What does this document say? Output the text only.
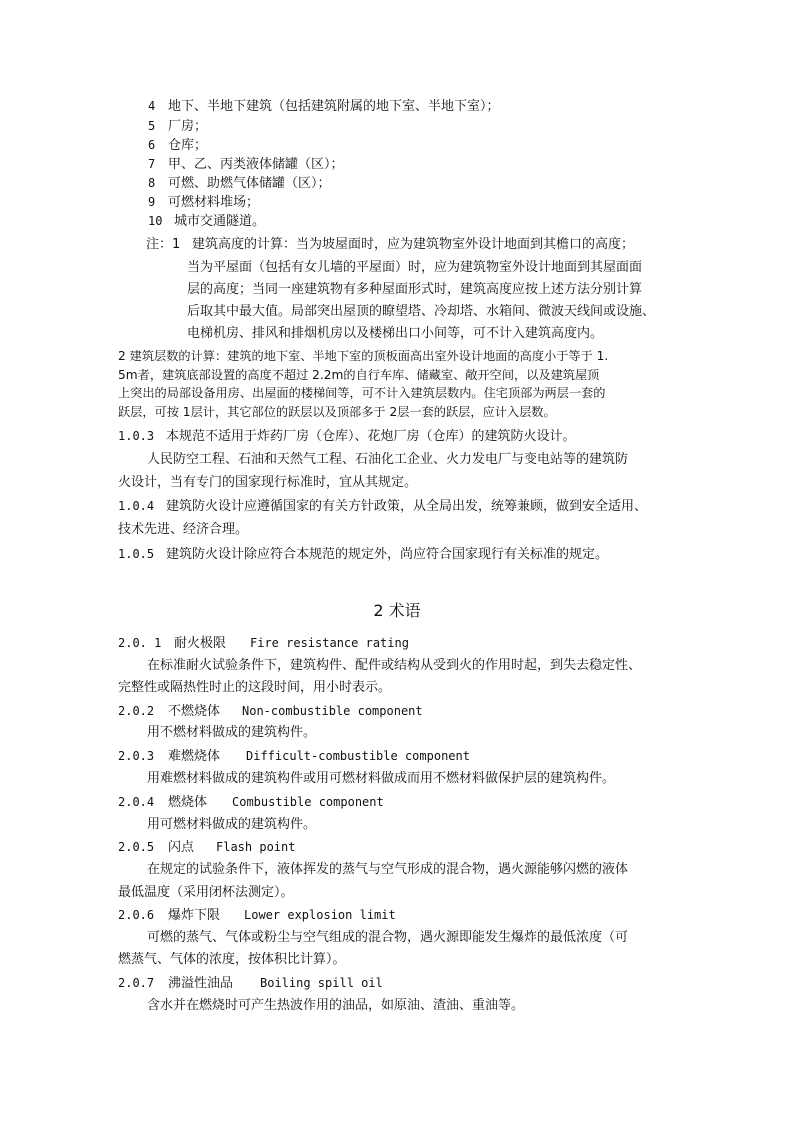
4 地下、半地下建筑（包括建筑附属的地下室、半地下室）；
5 厂房；
6 仓库；
7 甲、乙、丙类液体储罐（区）；
8 可燃、助燃气体储罐（区）；
9 可燃材料堆场；
10 城市交通隧道。
注：1 建筑高度的计算：当为坡屋面时，应为建筑物室外设计地面到其檐口的高度；
当为平屋面（包括有女儿墙的平屋面）时，应为建筑物室外设计地面到其屋面面
层的高度；当同一座建筑物有多种屋面形式时，建筑高度应按上述方法分别计算
后取其中最大值。局部突出屋顶的瞭望塔、冷却塔、水箱间、微波天线间或设施、
电梯机房、排风和排烟机房以及楼梯出口小间等，可不计入建筑高度内。
2 建筑层数的计算：建筑的地下室、半地下室的顶板面高出室外设计地面的高度小于等于 1.
5m者，建筑底部设置的高度不超过 2.2m的自行车库、储藏室、敞开空间，以及建筑屋顶
上突出的局部设备用房、出屋面的楼梯间等，可不计入建筑层数内。住宅顶部为两层一套的
跃层，可按 1层计，其它部位的跃层以及顶部多于 2层一套的跃层，应计入层数。
1.0.3 本规范不适用于炸药厂房（仓库）、花炮厂房（仓库）的建筑防火设计。
人民防空工程、石油和天然气工程、石油化工企业、火力发电厂与变电站等的建筑防
火设计，当有专门的国家现行标准时，宜从其规定。
1.0.4 建筑防火设计应遵循国家的有关方针政策，从全局出发，统筹兼顾，做到安全适用、
技术先进、经济合理。
1.0.5 建筑防火设计除应符合本规范的规定外，尚应符合国家现行有关标准的规定。
2 术语
2.0. 1 耐火极限 Fire resistance rating
在标准耐火试验条件下，建筑构件、配件或结构从受到火的作用时起，到失去稳定性、
完整性或隔热性时止的这段时间，用小时表示。
2.0.2 不燃烧体 Non-combustible component
用不燃材料做成的建筑构件。
2.0.3 难燃烧体 Difficult-combustible component
用难燃材料做成的建筑构件或用可燃材料做成而用不燃材料做保护层的建筑构件。
2.0.4 燃烧体 Combustible component
用可燃材料做成的建筑构件。
2.0.5 闪点 Flash point
在规定的试验条件下，液体挥发的蒸气与空气形成的混合物，遇火源能够闪燃的液体
最低温度（采用闭杯法测定）。
2.0.6 爆炸下限 Lower explosion limit
可燃的蒸气、气体或粉尘与空气组成的混合物，遇火源即能发生爆炸的最低浓度（可
燃蒸气、气体的浓度，按体积比计算）。
2.0.7 沸溢性油品 Boiling spill oil
含水并在燃烧时可产生热波作用的油品，如原油、渣油、重油等。
